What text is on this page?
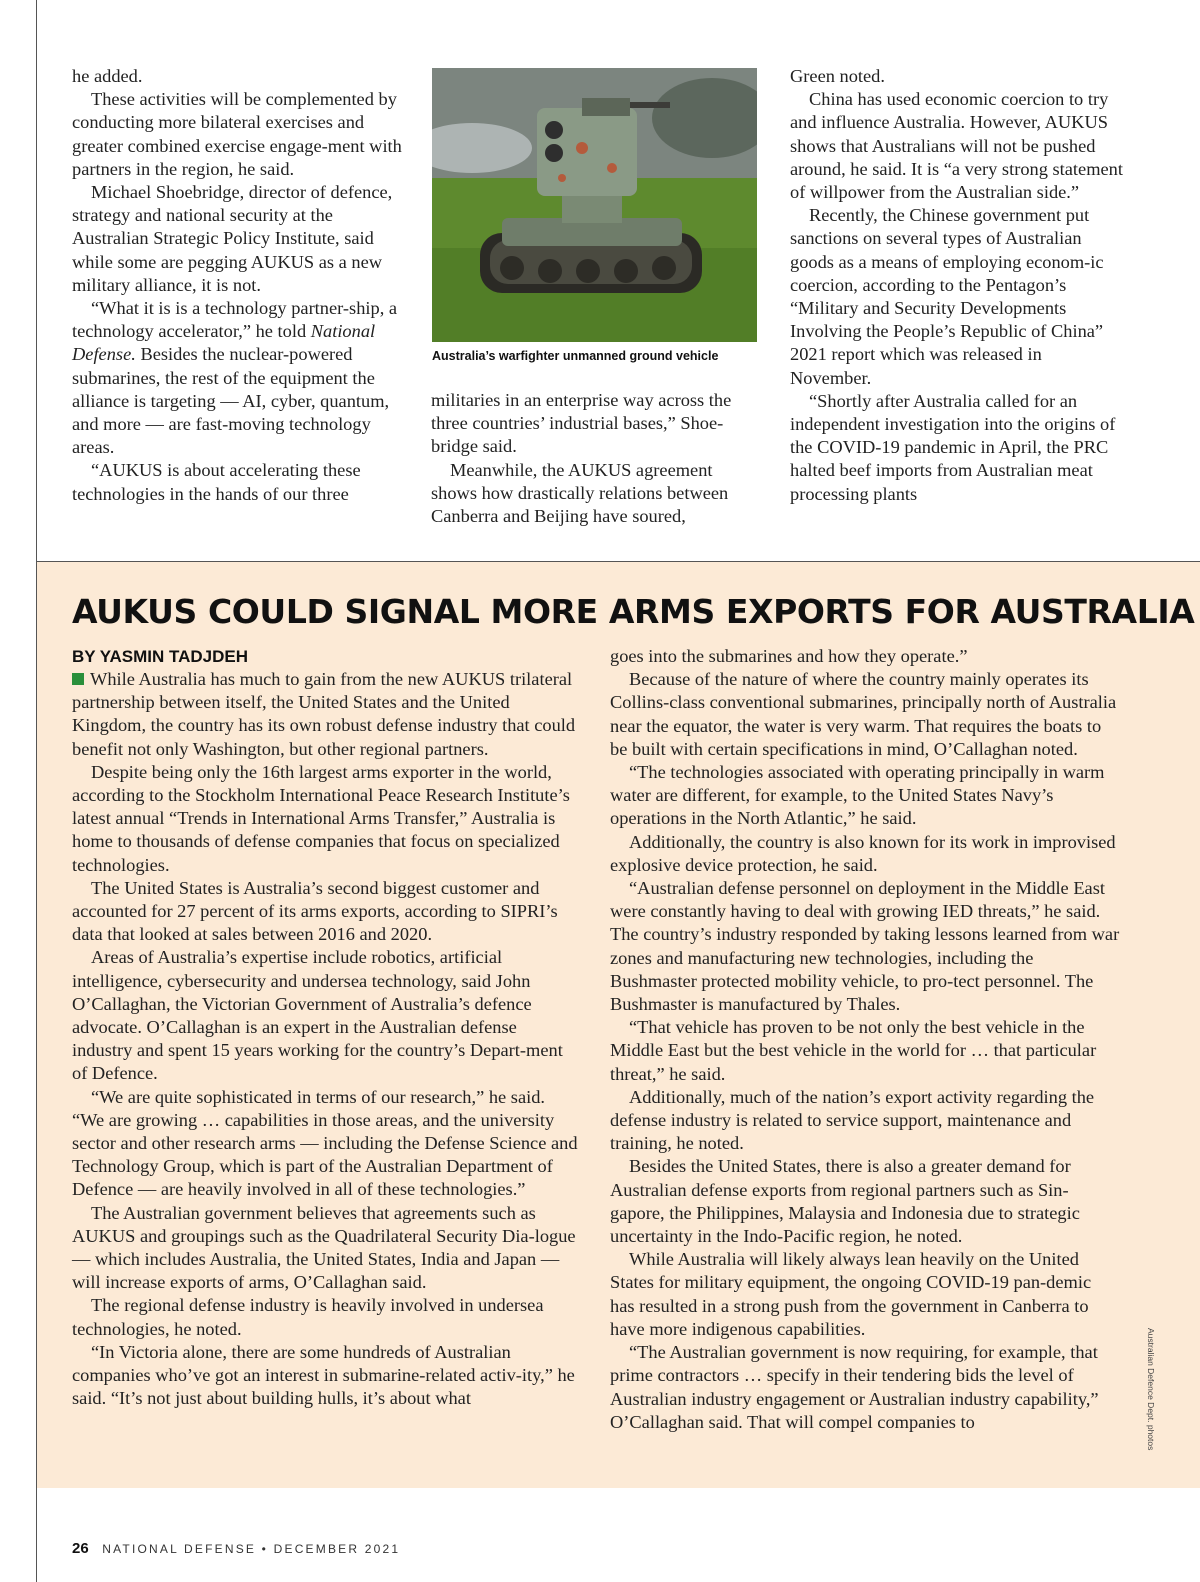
he added.

These activities will be complemented by conducting more bilateral exercises and greater combined exercise engage-ment with partners in the region, he said.

Michael Shoebridge, director of defence, strategy and national security at the Australian Strategic Policy Institute, said while some are pegging AUKUS as a new military alliance, it is not.

“What it is is a technology partner-ship, a technology accelerator,” he told National Defense. Besides the nuclear-powered submarines, the rest of the equipment the alliance is targeting — AI, cyber, quantum, and more — are fast-moving technology areas.

“AUKUS is about accelerating these technologies in the hands of our three

Australia’s warfighter unmanned ground vehicle

militaries in an enterprise way across the three countries’ industrial bases,” Shoe-bridge said.

Meanwhile, the AUKUS agreement shows how drastically relations between Canberra and Beijing have soured,

Green noted.

China has used economic coercion to try and influence Australia. However, AUKUS shows that Australians will not be pushed around, he said. It is “a very strong statement of willpower from the Australian side.”

Recently, the Chinese government put sanctions on several types of Australian goods as a means of employing econom-ic coercion, according to the Pentagon’s “Military and Security Developments Involving the People’s Republic of China” 2021 report which was released in November.

“Shortly after Australia called for an independent investigation into the origins of the COVID-19 pandemic in April, the PRC halted beef imports from Australian meat processing plants

AUKUS COULD SIGNAL MORE ARMS EXPORTS FOR AUSTRALIA
BY YASMIN TADJDEH

While Australia has much to gain from the new AUKUS trilateral partnership between itself, the United States and the United Kingdom, the country has its own robust defense industry that could benefit not only Washington, but other regional partners.

Despite being only the 16th largest arms exporter in the world, according to the Stockholm International Peace Research Institute’s latest annual “Trends in International Arms Transfer,” Australia is home to thousands of defense companies that focus on specialized technologies.

The United States is Australia’s second biggest customer and accounted for 27 percent of its arms exports, according to SIPRI’s data that looked at sales between 2016 and 2020.

Areas of Australia’s expertise include robotics, artificial intelligence, cybersecurity and undersea technology, said John O’Callaghan, the Victorian Government of Australia’s defence advocate. O’Callaghan is an expert in the Australian defense industry and spent 15 years working for the country’s Depart-ment of Defence.

“We are quite sophisticated in terms of our research,” he said. “We are growing … capabilities in those areas, and the university sector and other research arms — including the Defense Science and Technology Group, which is part of the Australian Department of Defence — are heavily involved in all of these technologies.”

The Australian government believes that agreements such as AUKUS and groupings such as the Quadrilateral Security Dia-logue — which includes Australia, the United States, India and Japan — will increase exports of arms, O’Callaghan said.

The regional defense industry is heavily involved in undersea technologies, he noted.

“In Victoria alone, there are some hundreds of Australian companies who’ve got an interest in submarine-related activ-ity,” he said. “It’s not just about building hulls, it’s about what

goes into the submarines and how they operate.”

Because of the nature of where the country mainly operates its Collins-class conventional submarines, principally north of Australia near the equator, the water is very warm. That requires the boats to be built with certain specifications in mind, O’Callaghan noted.

“The technologies associated with operating principally in warm water are different, for example, to the United States Navy’s operations in the North Atlantic,” he said.

Additionally, the country is also known for its work in improvised explosive device protection, he said.

“Australian defense personnel on deployment in the Middle East were constantly having to deal with growing IED threats,” he said. The country’s industry responded by taking lessons learned from war zones and manufacturing new technologies, including the Bushmaster protected mobility vehicle, to pro-tect personnel. The Bushmaster is manufactured by Thales.

“That vehicle has proven to be not only the best vehicle in the Middle East but the best vehicle in the world for … that particular threat,” he said.

Additionally, much of the nation’s export activity regarding the defense industry is related to service support, maintenance and training, he noted.

Besides the United States, there is also a greater demand for Australian defense exports from regional partners such as Sin-gapore, the Philippines, Malaysia and Indonesia due to strategic uncertainty in the Indo-Pacific region, he noted.

While Australia will likely always lean heavily on the United States for military equipment, the ongoing COVID-19 pan-demic has resulted in a strong push from the government in Canberra to have more indigenous capabilities.

“The Australian government is now requiring, for example, that prime contractors … specify in their tendering bids the level of Australian industry engagement or Australian industry capability,” O’Callaghan said. That will compel companies to	Australian Defence Dept. photos
26 NATIONAL DEFENSE • DECEMBER 2021
